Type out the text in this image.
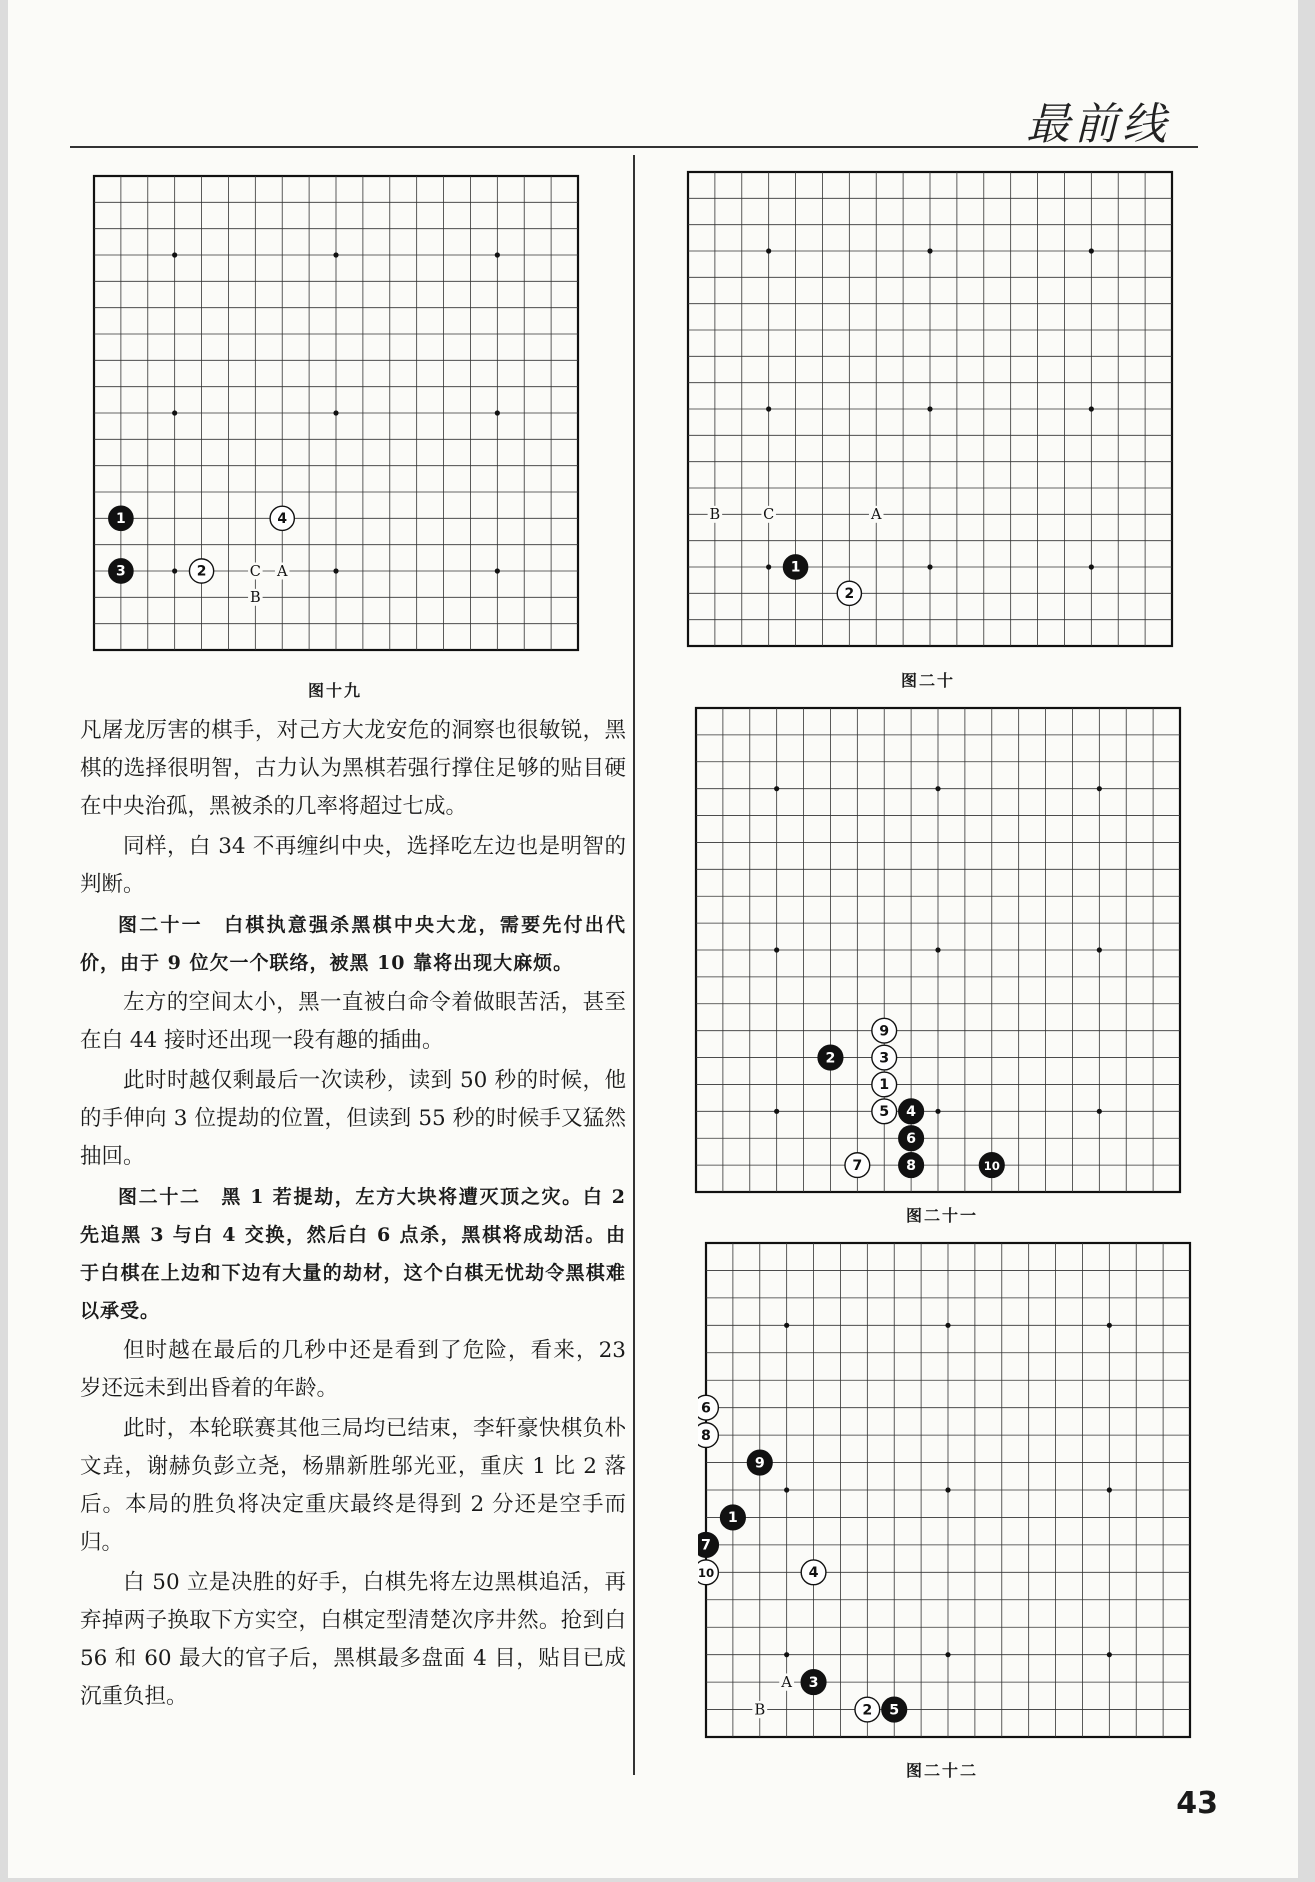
最前线
1
2
3
4
A
B
C
图十九
1
2
A
B	C
图二十
1
2	3
4
5
6
7	8
9
10
图二十一
1
2
3
4
5
6
7
8
9
10
A
B
图二十二

凡屠龙厉害的棋手，对己方大龙安危的洞察也很敏锐，黑棋的选择很明智，古力认为黑棋若强行撑住足够的贴目硬在中央治孤，黑被杀的几率将超过七成。

同样，白 34 不再缠纠中央，选择吃左边也是明智的判断。

图二十一　白棋执意强杀黑棋中央大龙，需要先付出代价，由于 9 位欠一个联络，被黑 10 靠将出现大麻烦。

左方的空间太小，黑一直被白命令着做眼苦活，甚至在白 44 接时还出现一段有趣的插曲。

此时时越仅剩最后一次读秒，读到 50 秒的时候，他的手伸向 3 位提劫的位置，但读到 55 秒的时候手又猛然抽回。

图二十二　黑 1 若提劫，左方大块将遭灭顶之灾。白 2 先追黑 3 与白 4 交换，然后白 6 点杀，黑棋将成劫活。由于白棋在上边和下边有大量的劫材，这个白棋无忧劫令黑棋难以承受。

但时越在最后的几秒中还是看到了危险，看来，23 岁还远未到出昏着的年龄。

此时，本轮联赛其他三局均已结束，李轩豪快棋负朴文垚，谢赫负彭立尧，杨鼎新胜邬光亚，重庆 1 比 2 落后。本局的胜负将决定重庆最终是得到 2 分还是空手而归。

白 50 立是决胜的好手，白棋先将左边黑棋追活，再弃掉两子换取下方实空，白棋定型清楚次序井然。抢到白 56 和 60 最大的官子后，黑棋最多盘面 4 目，贴目已成沉重负担。

43
